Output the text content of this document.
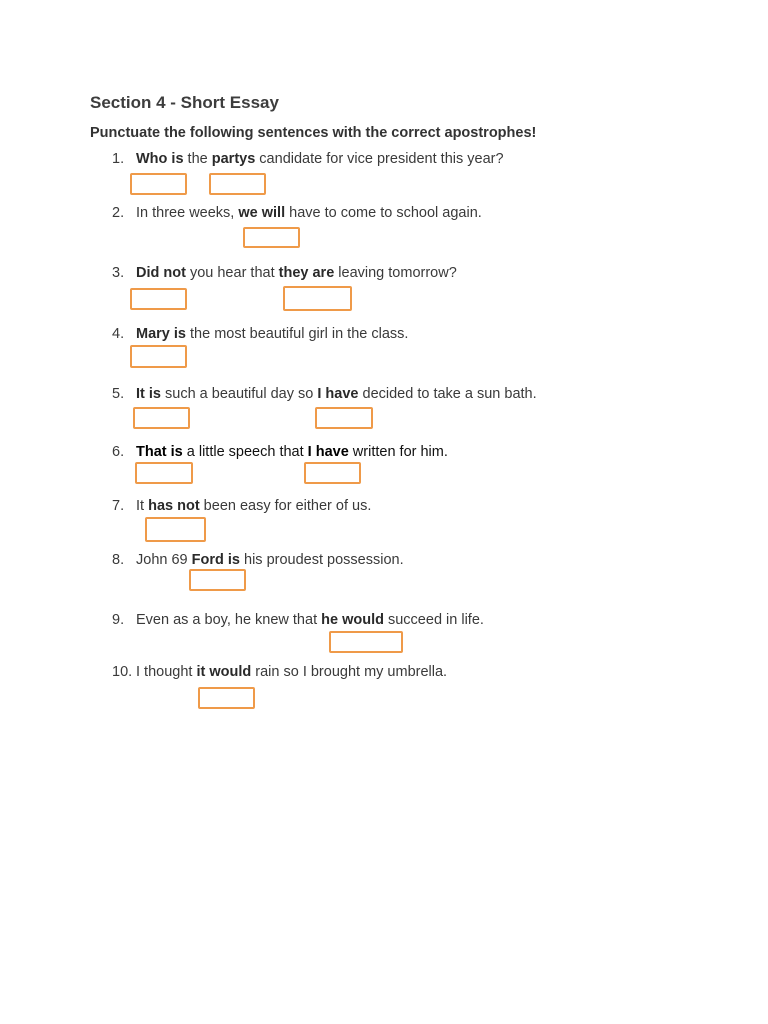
Section 4 - Short Essay
Punctuate the following sentences with the correct apostrophes!
1. Who is the partys candidate for vice president this year?
2. In three weeks, we will have to come to school again.
3. Did not you hear that they are leaving tomorrow?
4. Mary is the most beautiful girl in the class.
5. It is such a beautiful day so I have decided to take a sun bath.
6. That is a little speech that I have written for him.
7. It has not been easy for either of us.
8. John 69 Ford is his proudest possession.
9. Even as a boy, he knew that he would succeed in life.
10. I thought it would rain so I brought my umbrella.
